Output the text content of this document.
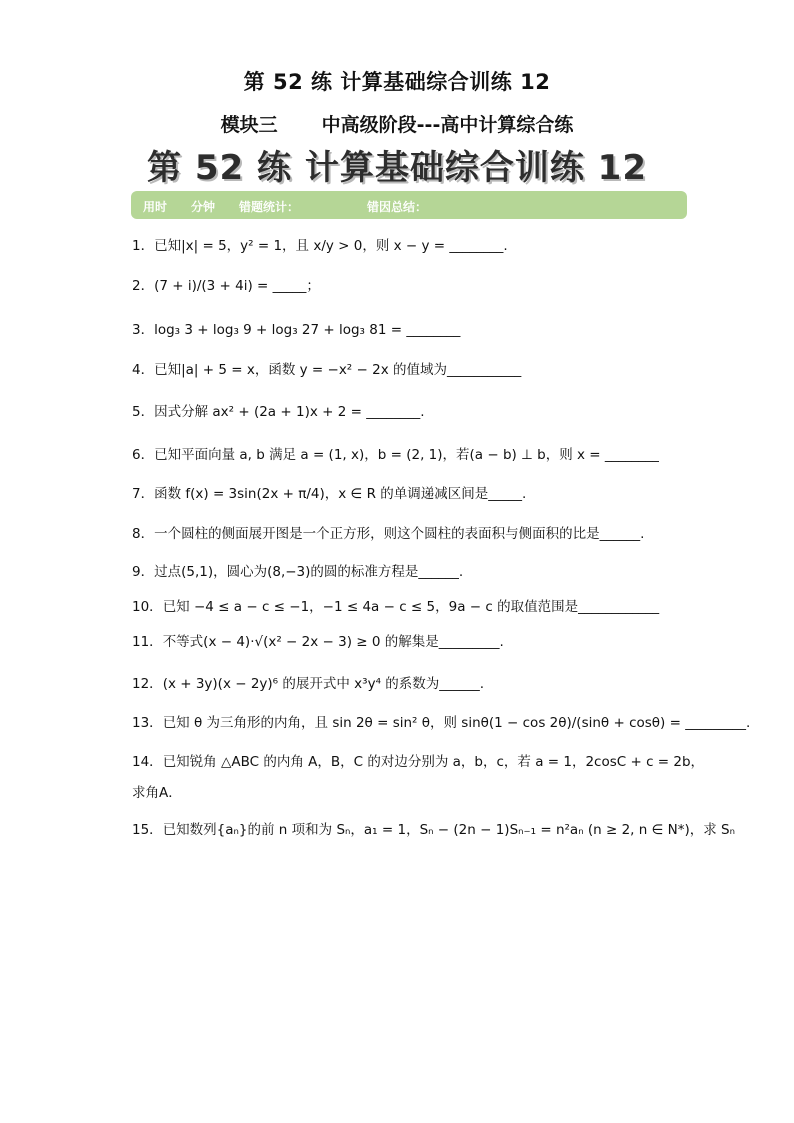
第 52 练 计算基础综合训练 12
模块三 中高级阶段---高中计算综合练
第 52 练 计算基础综合训练 12
用时 分钟 错题统计：	错因总结：
1．已知|x| = 5，y² = 1，且 x/y > 0，则 x − y = ________.
2．(7 + i)/(3 + 4i) = _____；
3．log₃ 3 + log₃ 9 + log₃ 27 + log₃ 81 = ________
4．已知|a| + 5 = x，函数 y = −x² − 2x 的值域为___________
5．因式分解 ax² + (2a + 1)x + 2 = ________.
6．已知平面向量 a, b 满足 a = (1, x)，b = (2, 1)，若(a − b) ⊥ b，则 x = ________
7．函数 f(x) = 3sin(2x + π/4)，x ∈ R 的单调递减区间是_____.
8．一个圆柱的侧面展开图是一个正方形，则这个圆柱的表面积与侧面积的比是______.
9．过点(5,1)，圆心为(8,−3)的圆的标准方程是______.
10．已知 −4 ≤ a − c ≤ −1，−1 ≤ 4a − c ≤ 5，9a − c 的取值范围是____________
11．不等式(x − 4)·√(x² − 2x − 3) ≥ 0 的解集是_________.
12．(x + 3y)(x − 2y)⁶ 的展开式中 x³y⁴ 的系数为______.
13．已知 θ 为三角形的内角，且 sin 2θ = sin² θ，则 sinθ(1 − cos 2θ)/(sinθ + cosθ) = _________.
14．已知锐角 △ABC 的内角 A，B，C 的对边分别为 a，b，c，若 a = 1，2cosC + c = 2b，
求角A．
15．已知数列{aₙ}的前 n 项和为 Sₙ，a₁ = 1，Sₙ − (2n − 1)Sₙ₋₁ = n²aₙ (n ≥ 2, n ∈ N*)，求 Sₙ
